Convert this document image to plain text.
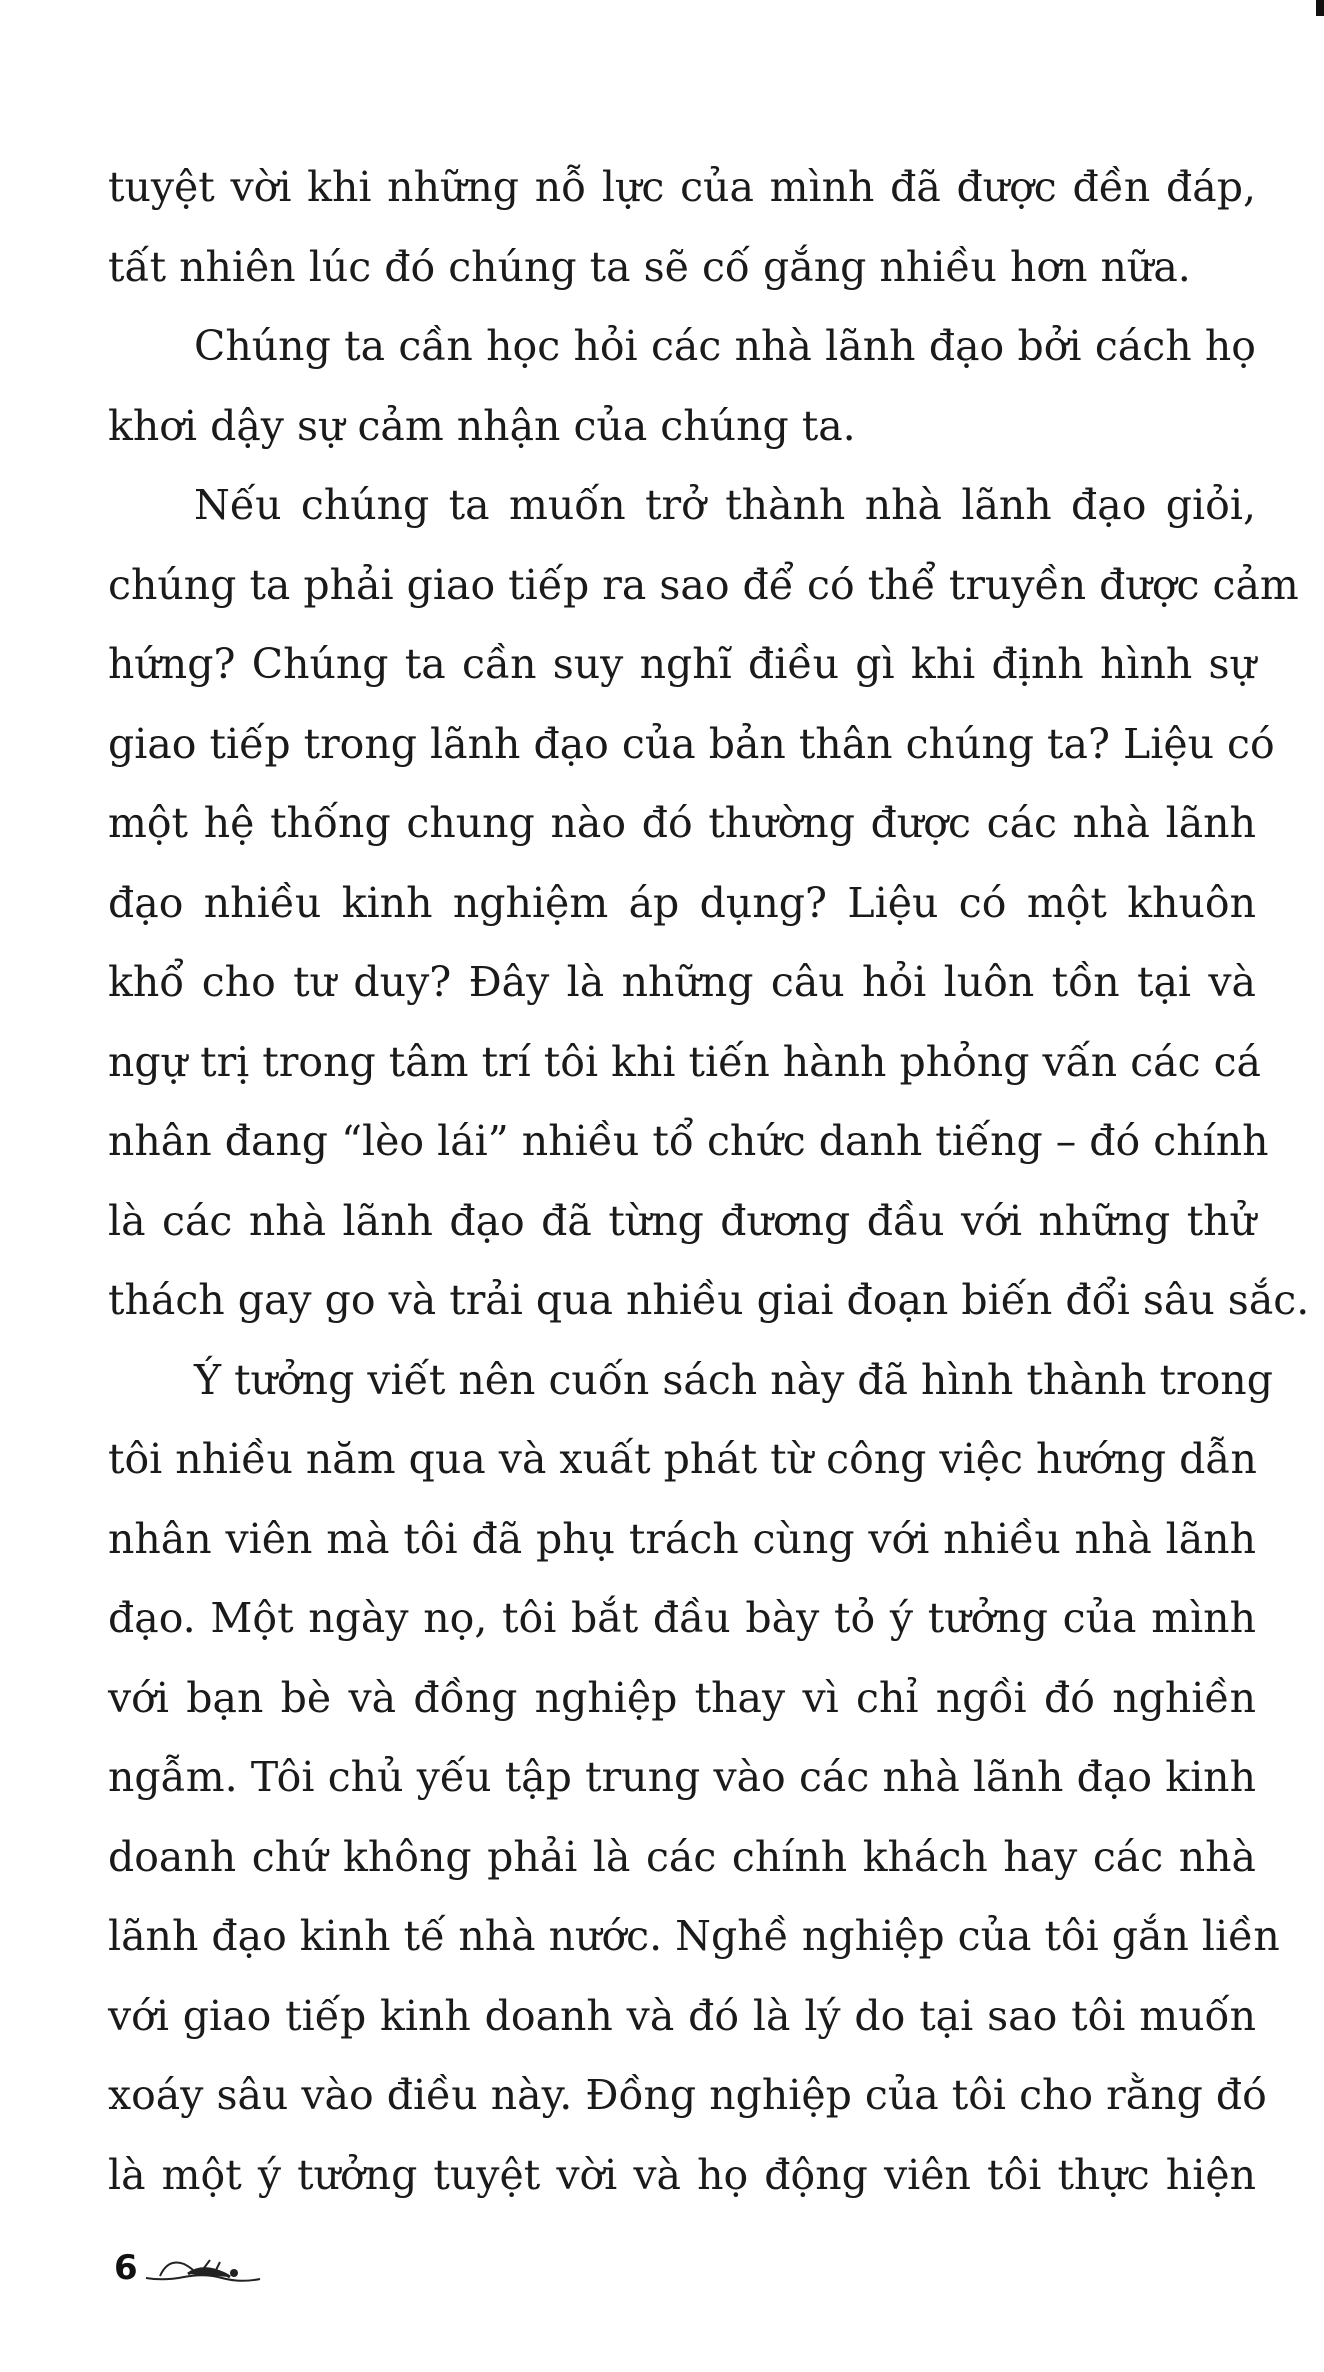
tuyệt vời khi những nỗ lực của mình đã được đền đáp,
tất nhiên lúc đó chúng ta sẽ cố gắng nhiều hơn nữa.
Chúng ta cần học hỏi các nhà lãnh đạo bởi cách họ
khơi dậy sự cảm nhận của chúng ta.
Nếu chúng ta muốn trở thành nhà lãnh đạo giỏi,
chúng ta phải giao tiếp ra sao để có thể truyền được cảm
hứng? Chúng ta cần suy nghĩ điều gì khi định hình sự
giao tiếp trong lãnh đạo của bản thân chúng ta? Liệu có
một hệ thống chung nào đó thường được các nhà lãnh
đạo nhiều kinh nghiệm áp dụng? Liệu có một khuôn
khổ cho tư duy? Đây là những câu hỏi luôn tồn tại và
ngự trị trong tâm trí tôi khi tiến hành phỏng vấn các cá
nhân đang “lèo lái” nhiều tổ chức danh tiếng – đó chính
là các nhà lãnh đạo đã từng đương đầu với những thử
thách gay go và trải qua nhiều giai đoạn biến đổi sâu sắc.
Ý tưởng viết nên cuốn sách này đã hình thành trong
tôi nhiều năm qua và xuất phát từ công việc hướng dẫn
nhân viên mà tôi đã phụ trách cùng với nhiều nhà lãnh
đạo. Một ngày nọ, tôi bắt đầu bày tỏ ý tưởng của mình
với bạn bè và đồng nghiệp thay vì chỉ ngồi đó nghiền
ngẫm. Tôi chủ yếu tập trung vào các nhà lãnh đạo kinh
doanh chứ không phải là các chính khách hay các nhà
lãnh đạo kinh tế nhà nước. Nghề nghiệp của tôi gắn liền
với giao tiếp kinh doanh và đó là lý do tại sao tôi muốn
xoáy sâu vào điều này. Đồng nghiệp của tôi cho rằng đó
là một ý tưởng tuyệt vời và họ động viên tôi thực hiện
6
